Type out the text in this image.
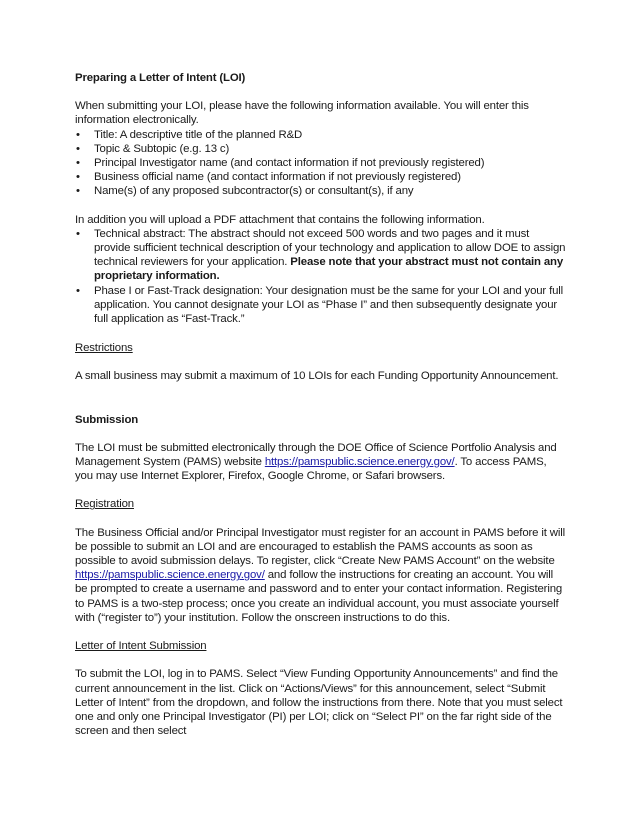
Preparing a Letter of Intent (LOI)

When submitting your LOI, please have the following information available. You will enter this information electronically.

• Title: A descriptive title of the planned R&D
• Topic & Subtopic (e.g. 13 c)
• Principal Investigator name (and contact information if not previously registered)
• Business official name (and contact information if not previously registered)
• Name(s) of any proposed subcontractor(s) or consultant(s), if any

In addition you will upload a PDF attachment that contains the following information.

• Technical abstract: The abstract should not exceed 500 words and two pages and it must provide sufficient technical description of your technology and application to allow DOE to assign technical reviewers for your application. Please note that your abstract must not contain any proprietary information.
• Phase I or Fast-Track designation: Your designation must be the same for your LOI and your full application. You cannot designate your LOI as “Phase I” and then subsequently designate your full application as “Fast-Track.”

Restrictions

A small business may submit a maximum of 10 LOIs for each Funding Opportunity Announcement.

Submission

The LOI must be submitted electronically through the DOE Office of Science Portfolio Analysis and Management System (PAMS) website https://pamspublic.science.energy.gov/. To access PAMS, you may use Internet Explorer, Firefox, Google Chrome, or Safari browsers.

Registration

The Business Official and/or Principal Investigator must register for an account in PAMS before it will be possible to submit an LOI and are encouraged to establish the PAMS accounts as soon as possible to avoid submission delays. To register, click “Create New PAMS Account” on the website https://pamspublic.science.energy.gov/ and follow the instructions for creating an account. You will be prompted to create a username and password and to enter your contact information. Registering to PAMS is a two-step process; once you create an individual account, you must associate yourself with (“register to”) your institution. Follow the onscreen instructions to do this.

Letter of Intent Submission

To submit the LOI, log in to PAMS. Select “View Funding Opportunity Announcements” and find the current announcement in the list. Click on “Actions/Views” for this announcement, select “Submit Letter of Intent” from the dropdown, and follow the instructions from there. Note that you must select one and only one Principal Investigator (PI) per LOI; click on “Select PI” on the far right side of the screen and then select
